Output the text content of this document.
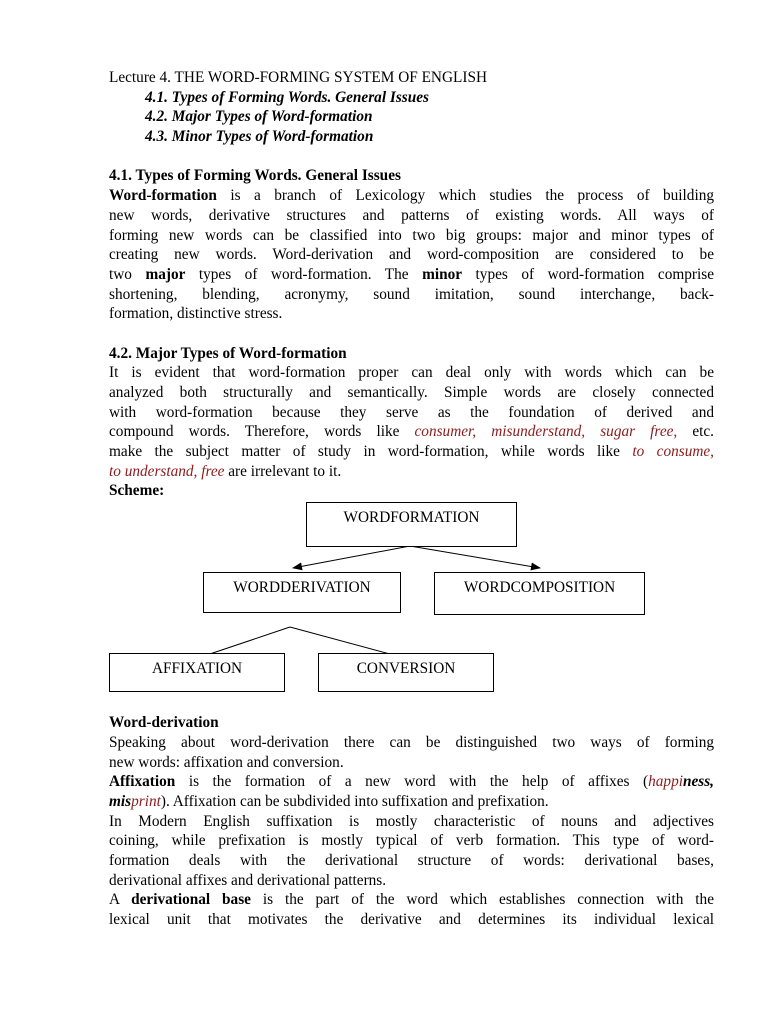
Lecture 4. THE WORD-FORMING SYSTEM OF ENGLISH
4.1. Types of Forming Words. General Issues
4.2. Major Types of Word-formation
4.3. Minor Types of Word-formation
4.1. Types of Forming Words. General Issues
Word-formation is a branch of Lexicology which studies the process of building
new words, derivative structures and patterns of existing words. All ways of
forming new words can be classified into two big groups: major and minor types of
creating new words. Word-derivation and word-composition are considered to be
two major types of word-formation. The minor types of word-formation comprise
shortening, blending, acronymy, sound imitation, sound interchange, back-
formation, distinctive stress.
4.2. Major Types of Word-formation
It is evident that word-formation proper can deal only with words which can be
analyzed both structurally and semantically. Simple words are closely connected
with word-formation because they serve as the foundation of derived and
compound words. Therefore, words like consumer, misunderstand, sugar free, etc.
make the subject matter of study in word-formation, while words like to consume,
to understand, free are irrelevant to it.
Scheme:
WORDFORMATION
WORDDERIVATION	WORDCOMPOSITION
AFFIXATION	CONVERSION
Word-derivation
Speaking about word-derivation there can be distinguished two ways of forming
new words: affixation and conversion.
Affixation is the formation of a new word with the help of affixes (happiness,
misprint). Affixation can be subdivided into suffixation and prefixation.
In Modern English suffixation is mostly characteristic of nouns and adjectives
coining, while prefixation is mostly typical of verb formation. This type of word-
formation deals with the derivational structure of words: derivational bases,
derivational affixes and derivational patterns.
A derivational base is the part of the word which establishes connection with the
lexical unit that motivates the derivative and determines its individual lexical
